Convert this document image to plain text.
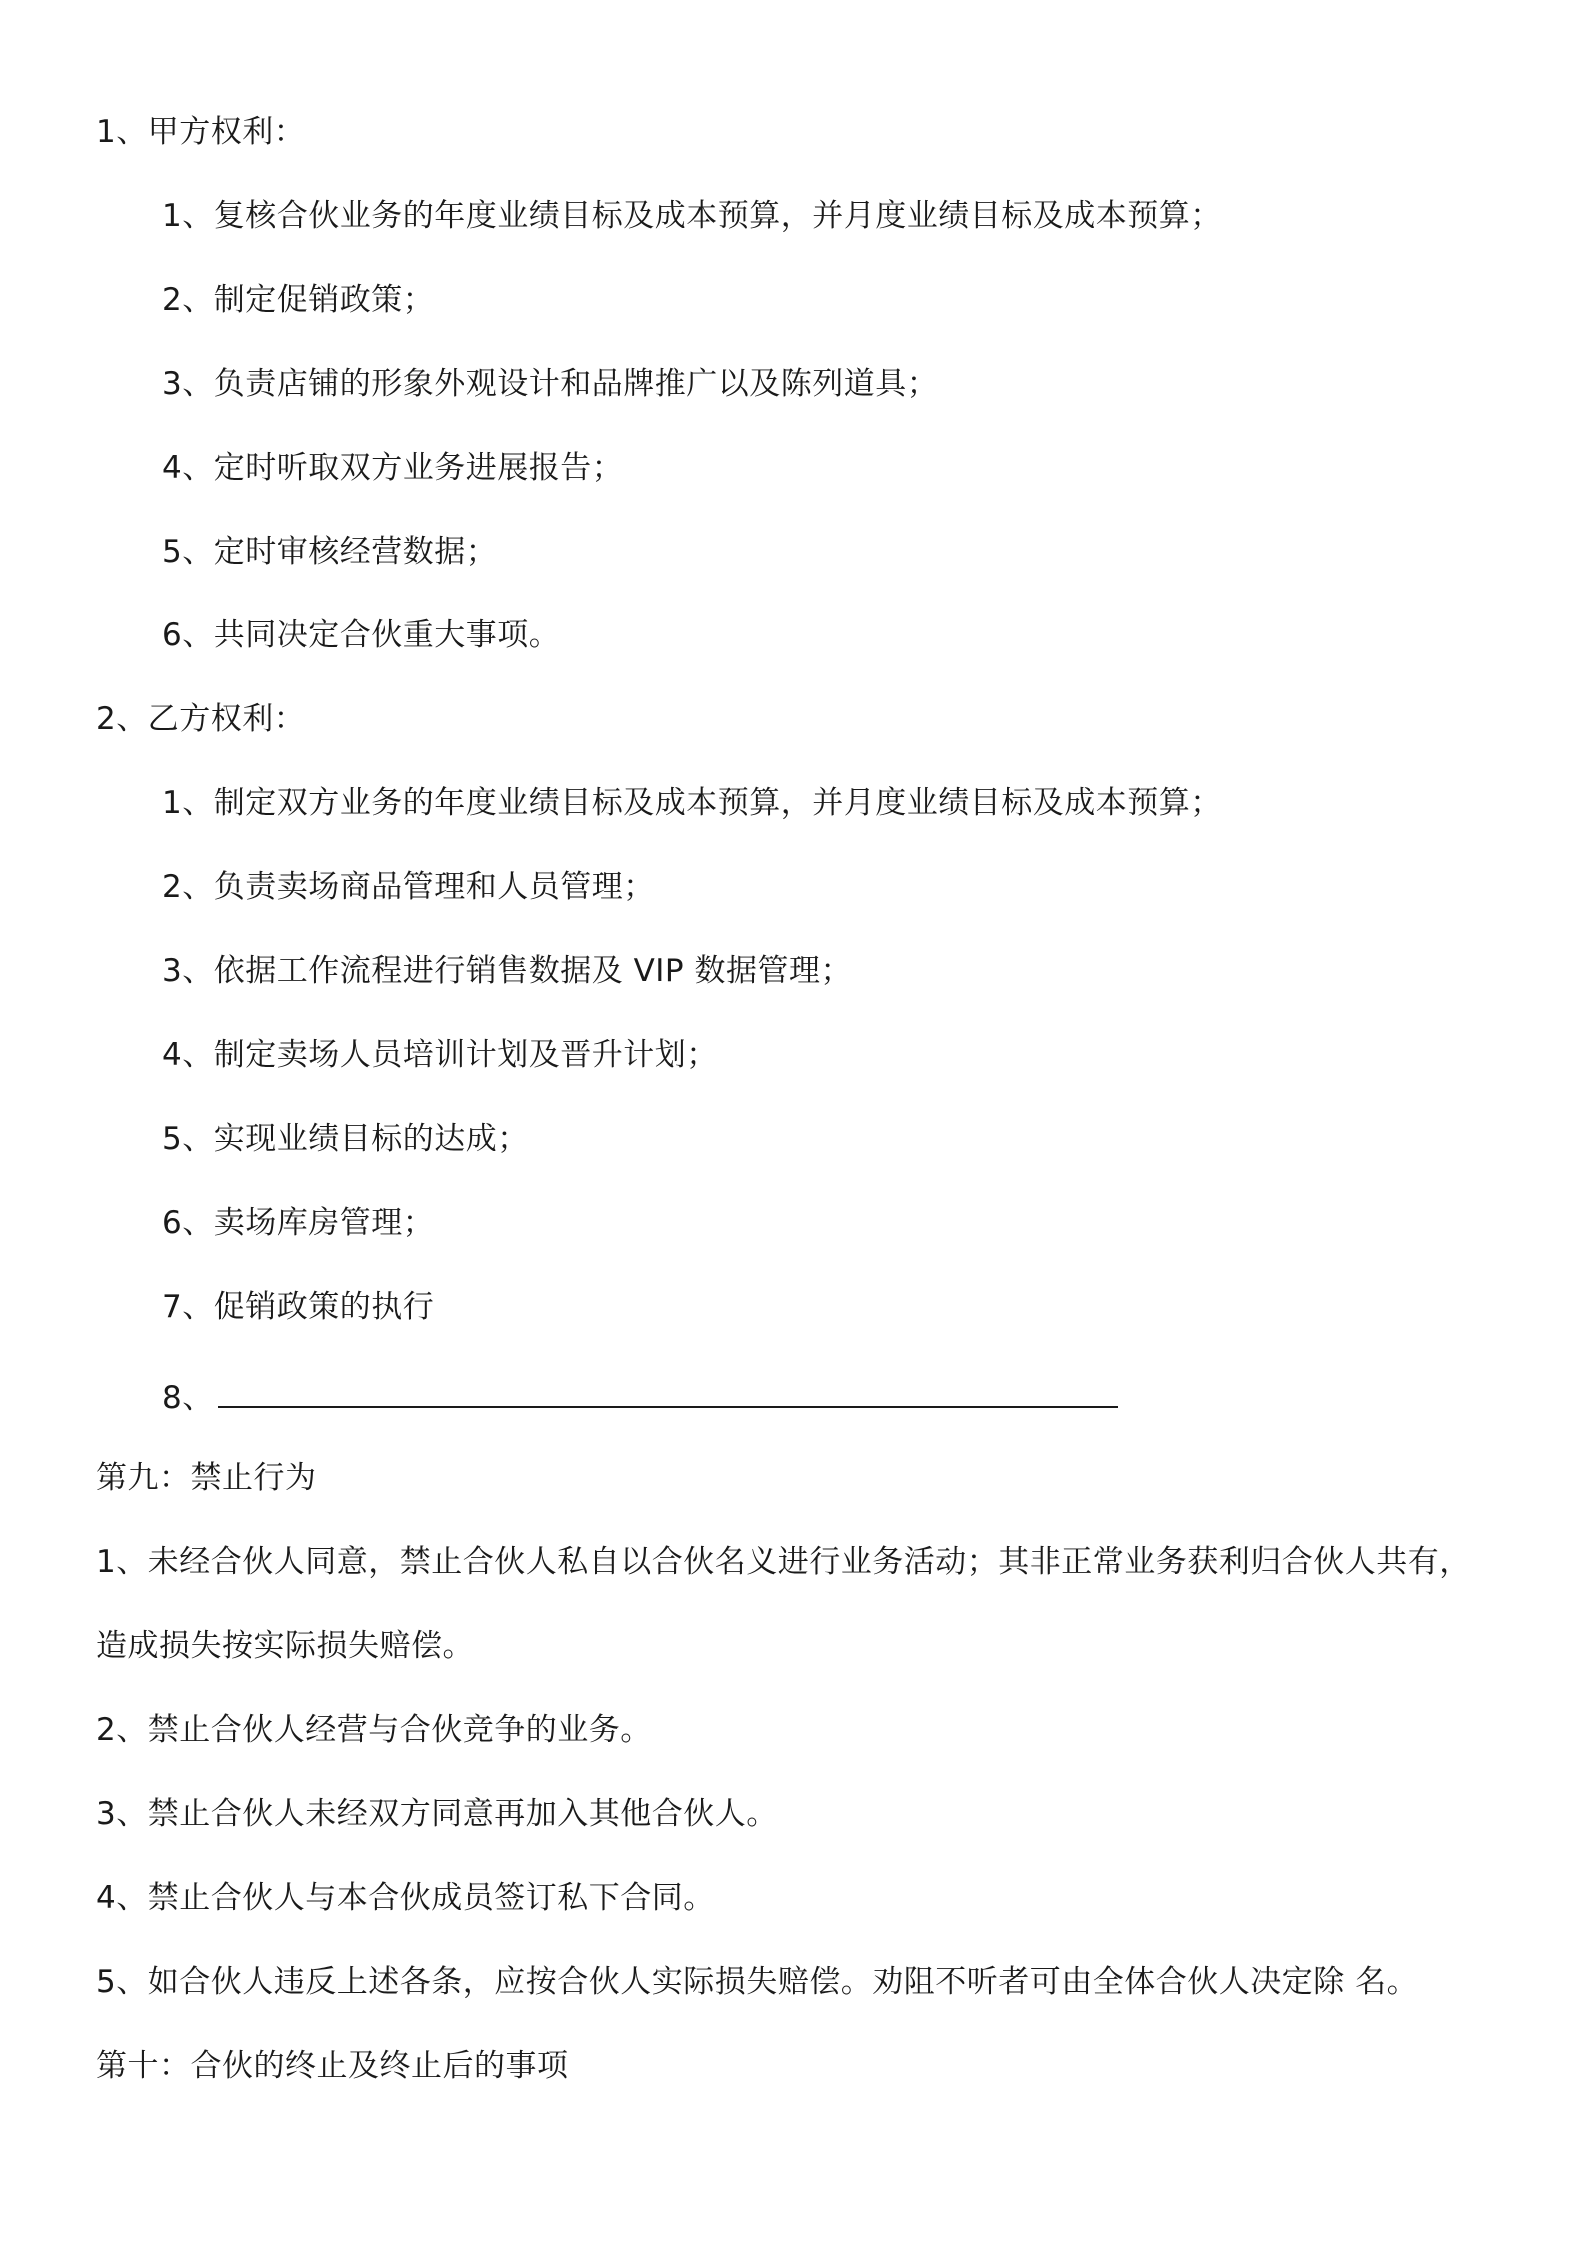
1、甲方权利：
1、复核合伙业务的年度业绩目标及成本预算，并月度业绩目标及成本预算；
2、制定促销政策；
3、负责店铺的形象外观设计和品牌推广以及陈列道具；
4、定时听取双方业务进展报告；
5、定时审核经营数据；
6、共同决定合伙重大事项。
2、乙方权利：
1、制定双方业务的年度业绩目标及成本预算，并月度业绩目标及成本预算；
2、负责卖场商品管理和人员管理；
3、依据工作流程进行销售数据及 VIP 数据管理；
4、制定卖场人员培训计划及晋升计划；
5、实现业绩目标的达成；
6、卖场库房管理；
7、促销政策的执行
8、
第九：禁止行为
1、未经合伙人同意，禁止合伙人私自以合伙名义进行业务活动；其非正常业务获利归合伙人共有，
造成损失按实际损失赔偿。
2、禁止合伙人经营与合伙竞争的业务。
3、禁止合伙人未经双方同意再加入其他合伙人。
4、禁止合伙人与本合伙成员签订私下合同。
5、如合伙人违反上述各条，应按合伙人实际损失赔偿。劝阻不听者可由全体合伙人决定除 名。
第十：合伙的终止及终止后的事项
